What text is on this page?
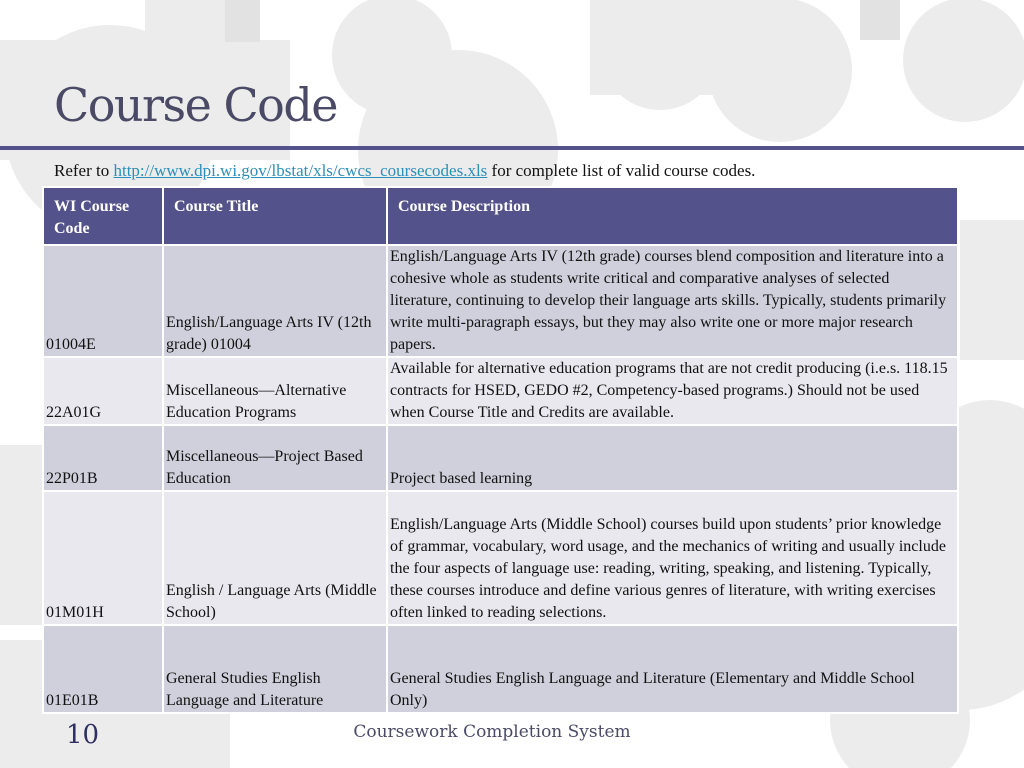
Course Code
Refer to http://www.dpi.wi.gov/lbstat/xls/cwcs_coursecodes.xls for complete list of valid course codes.
WI Course Code	Course Title	Course Description
01004E	English/Language Arts IV (12th grade) 01004	English/Language Arts IV (12th grade) courses blend composition and literature into a cohesive whole as students write critical and comparative analyses of selected literature, continuing to develop their language arts skills. Typically, students primarily write multi-paragraph essays, but they may also write one or more major research papers.
22A01G	Miscellaneous—Alternative Education Programs	Available for alternative education programs that are not credit producing (i.e.s. 118.15 contracts for HSED, GEDO #2, Competency-based programs.) Should not be used when Course Title and Credits are available.
22P01B	Miscellaneous—Project Based Education	Project based learning
01M01H	English / Language Arts (Middle School)	English/Language Arts (Middle School) courses build upon students’ prior knowledge of grammar, vocabulary, word usage, and the mechanics of writing and usually include the four aspects of language use: reading, writing, speaking, and listening. Typically, these courses introduce and define various genres of literature, with writing exercises often linked to reading selections.
01E01B	General Studies English Language and Literature	General Studies English Language and Literature (Elementary and Middle School Only)
10	Coursework Completion System
